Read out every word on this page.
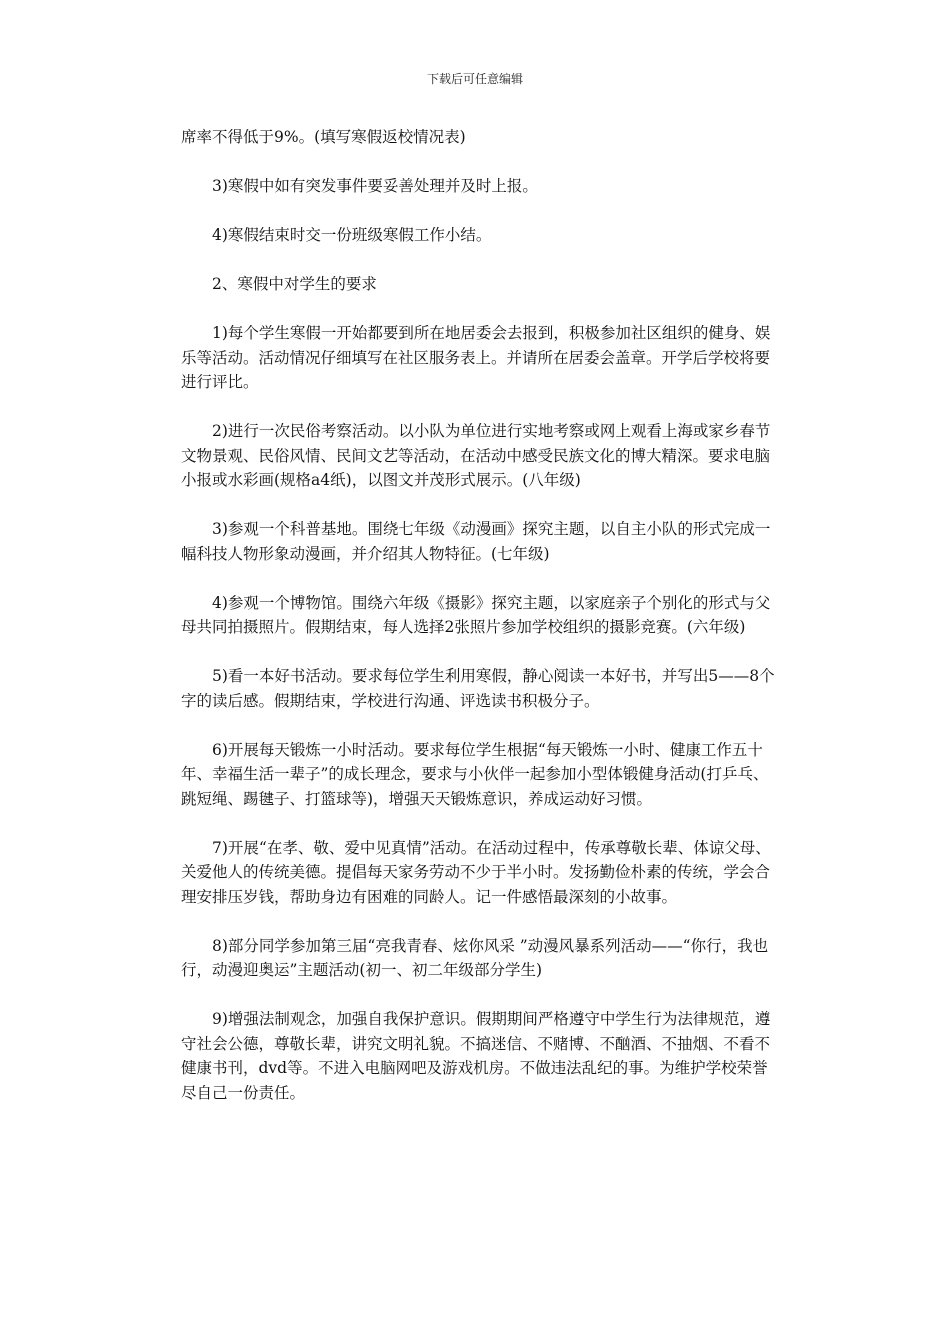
下载后可任意编辑

席率不得低于9%。(填写寒假返校情况表)

3)寒假中如有突发事件要妥善处理并及时上报。

4)寒假结束时交一份班级寒假工作小结。

2、寒假中对学生的要求

1)每个学生寒假一开始都要到所在地居委会去报到，积极参加社区组织的健身、娱乐等活动。活动情况仔细填写在社区服务表上。并请所在居委会盖章。开学后学校将要进行评比。

2)进行一次民俗考察活动。以小队为单位进行实地考察或网上观看上海或家乡春节文物景观、民俗风情、民间文艺等活动，在活动中感受民族文化的博大精深。要求电脑小报或水彩画(规格a4纸)，以图文并茂形式展示。(八年级)

3)参观一个科普基地。围绕七年级《动漫画》探究主题，以自主小队的形式完成一幅科技人物形象动漫画，并介绍其人物特征。(七年级)

4)参观一个博物馆。围绕六年级《摄影》探究主题，以家庭亲子个别化的形式与父母共同拍摄照片。假期结束，每人选择2张照片参加学校组织的摄影竞赛。(六年级)

5)看一本好书活动。要求每位学生利用寒假，静心阅读一本好书，并写出5——8个字的读后感。假期结束，学校进行沟通、评选读书积极分子。

6)开展每天锻炼一小时活动。要求每位学生根据“每天锻炼一小时、健康工作五十年、幸福生活一辈子”的成长理念，要求与小伙伴一起参加小型体锻健身活动(打乒乓、跳短绳、踢毽子、打篮球等)，增强天天锻炼意识，养成运动好习惯。

7)开展“在孝、敬、爱中见真情”活动。在活动过程中，传承尊敬长辈、体谅父母、关爱他人的传统美德。提倡每天家务劳动不少于半小时。发扬勤俭朴素的传统，学会合理安排压岁钱，帮助身边有困难的同龄人。记一件感悟最深刻的小故事。

8)部分同学参加第三届“亮我青春、炫你风采 ”动漫风暴系列活动——“你行，我也行，动漫迎奥运”主题活动(初一、初二年级部分学生)

9)增强法制观念，加强自我保护意识。假期期间严格遵守中学生行为法律规范，遵守社会公德，尊敬长辈，讲究文明礼貌。不搞迷信、不赌博、不酗酒、不抽烟、不看不健康书刊，dvd等。不进入电脑网吧及游戏机房。不做违法乱纪的事。为维护学校荣誉尽自己一份责任。
